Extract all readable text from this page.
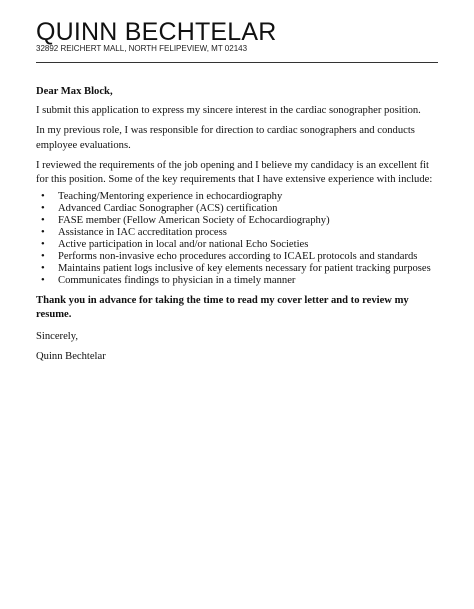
QUINN BECHTELAR
32892 REICHERT MALL, NORTH FELIPEVIEW, MT 02143

Dear Max Block,

I submit this application to express my sincere interest in the cardiac sonographer position.

In my previous role, I was responsible for direction to cardiac sonographers and conducts employee evaluations.

I reviewed the requirements of the job opening and I believe my candidacy is an excellent fit for this position. Some of the key requirements that I have extensive experience with include:

• Teaching/Mentoring experience in echocardiography
• Advanced Cardiac Sonographer (ACS) certification
• FASE member (Fellow American Society of Echocardiography)
• Assistance in IAC accreditation process
• Active participation in local and/or national Echo Societies
• Performs non-invasive echo procedures according to ICAEL protocols and standards
• Maintains patient logs inclusive of key elements necessary for patient tracking purposes
• Communicates findings to physician in a timely manner

Thank you in advance for taking the time to read my cover letter and to review my resume.

Sincerely,

Quinn Bechtelar
